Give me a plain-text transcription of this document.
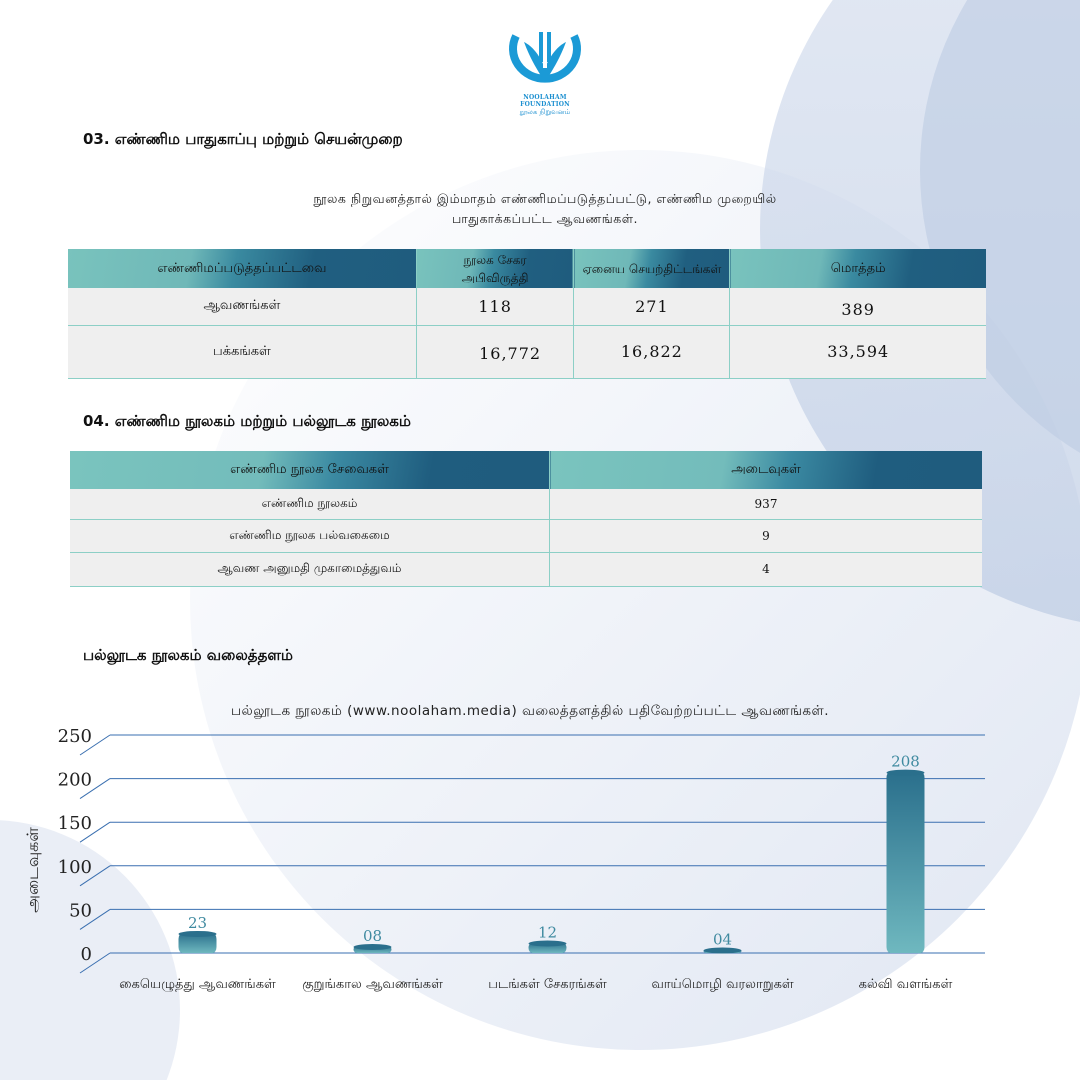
NOOLAHAM FOUNDATION
நூலக நிறுவனம்
03. எண்ணிம பாதுகாப்பு மற்றும் செயன்முறை
நூலக நிறுவனத்தால் இம்மாதம் எண்ணிமப்படுத்தப்பட்டு, எண்ணிம முறையில்
பாதுகாக்கப்பட்ட ஆவணங்கள்.
எண்ணிமப்படுத்தப்பட்டவை	நூலக சேகர அபிவிருத்தி	ஏனைய செயற்திட்டங்கள்	மொத்தம்
ஆவணங்கள்	118	271	389
பக்கங்கள்	16,772	16,822	33,594
04. எண்ணிம நூலகம் மற்றும் பல்லூடக நூலகம்
எண்ணிம நூலக சேவைகள்	அடைவுகள்
எண்ணிம நூலகம்	937
எண்ணிம நூலக பல்வகைமை	9
ஆவண அனுமதி முகாமைத்துவம்	4
பல்லூடக நூலகம் வலைத்தளம்
பல்லூடக நூலகம் (www.noolaham.media) வலைத்தளத்தில் பதிவேற்றப்பட்ட ஆவணங்கள்.
0
50
100
150
200
250
23
08	12	04
208
கையெழுத்து ஆவணங்கள் குறுங்கால ஆவணங்கள்	படங்கள் சேகரங்கள்	வாய்மொழி வரலாறுகள்	கல்வி வளங்கள்
அடைவுகள்
